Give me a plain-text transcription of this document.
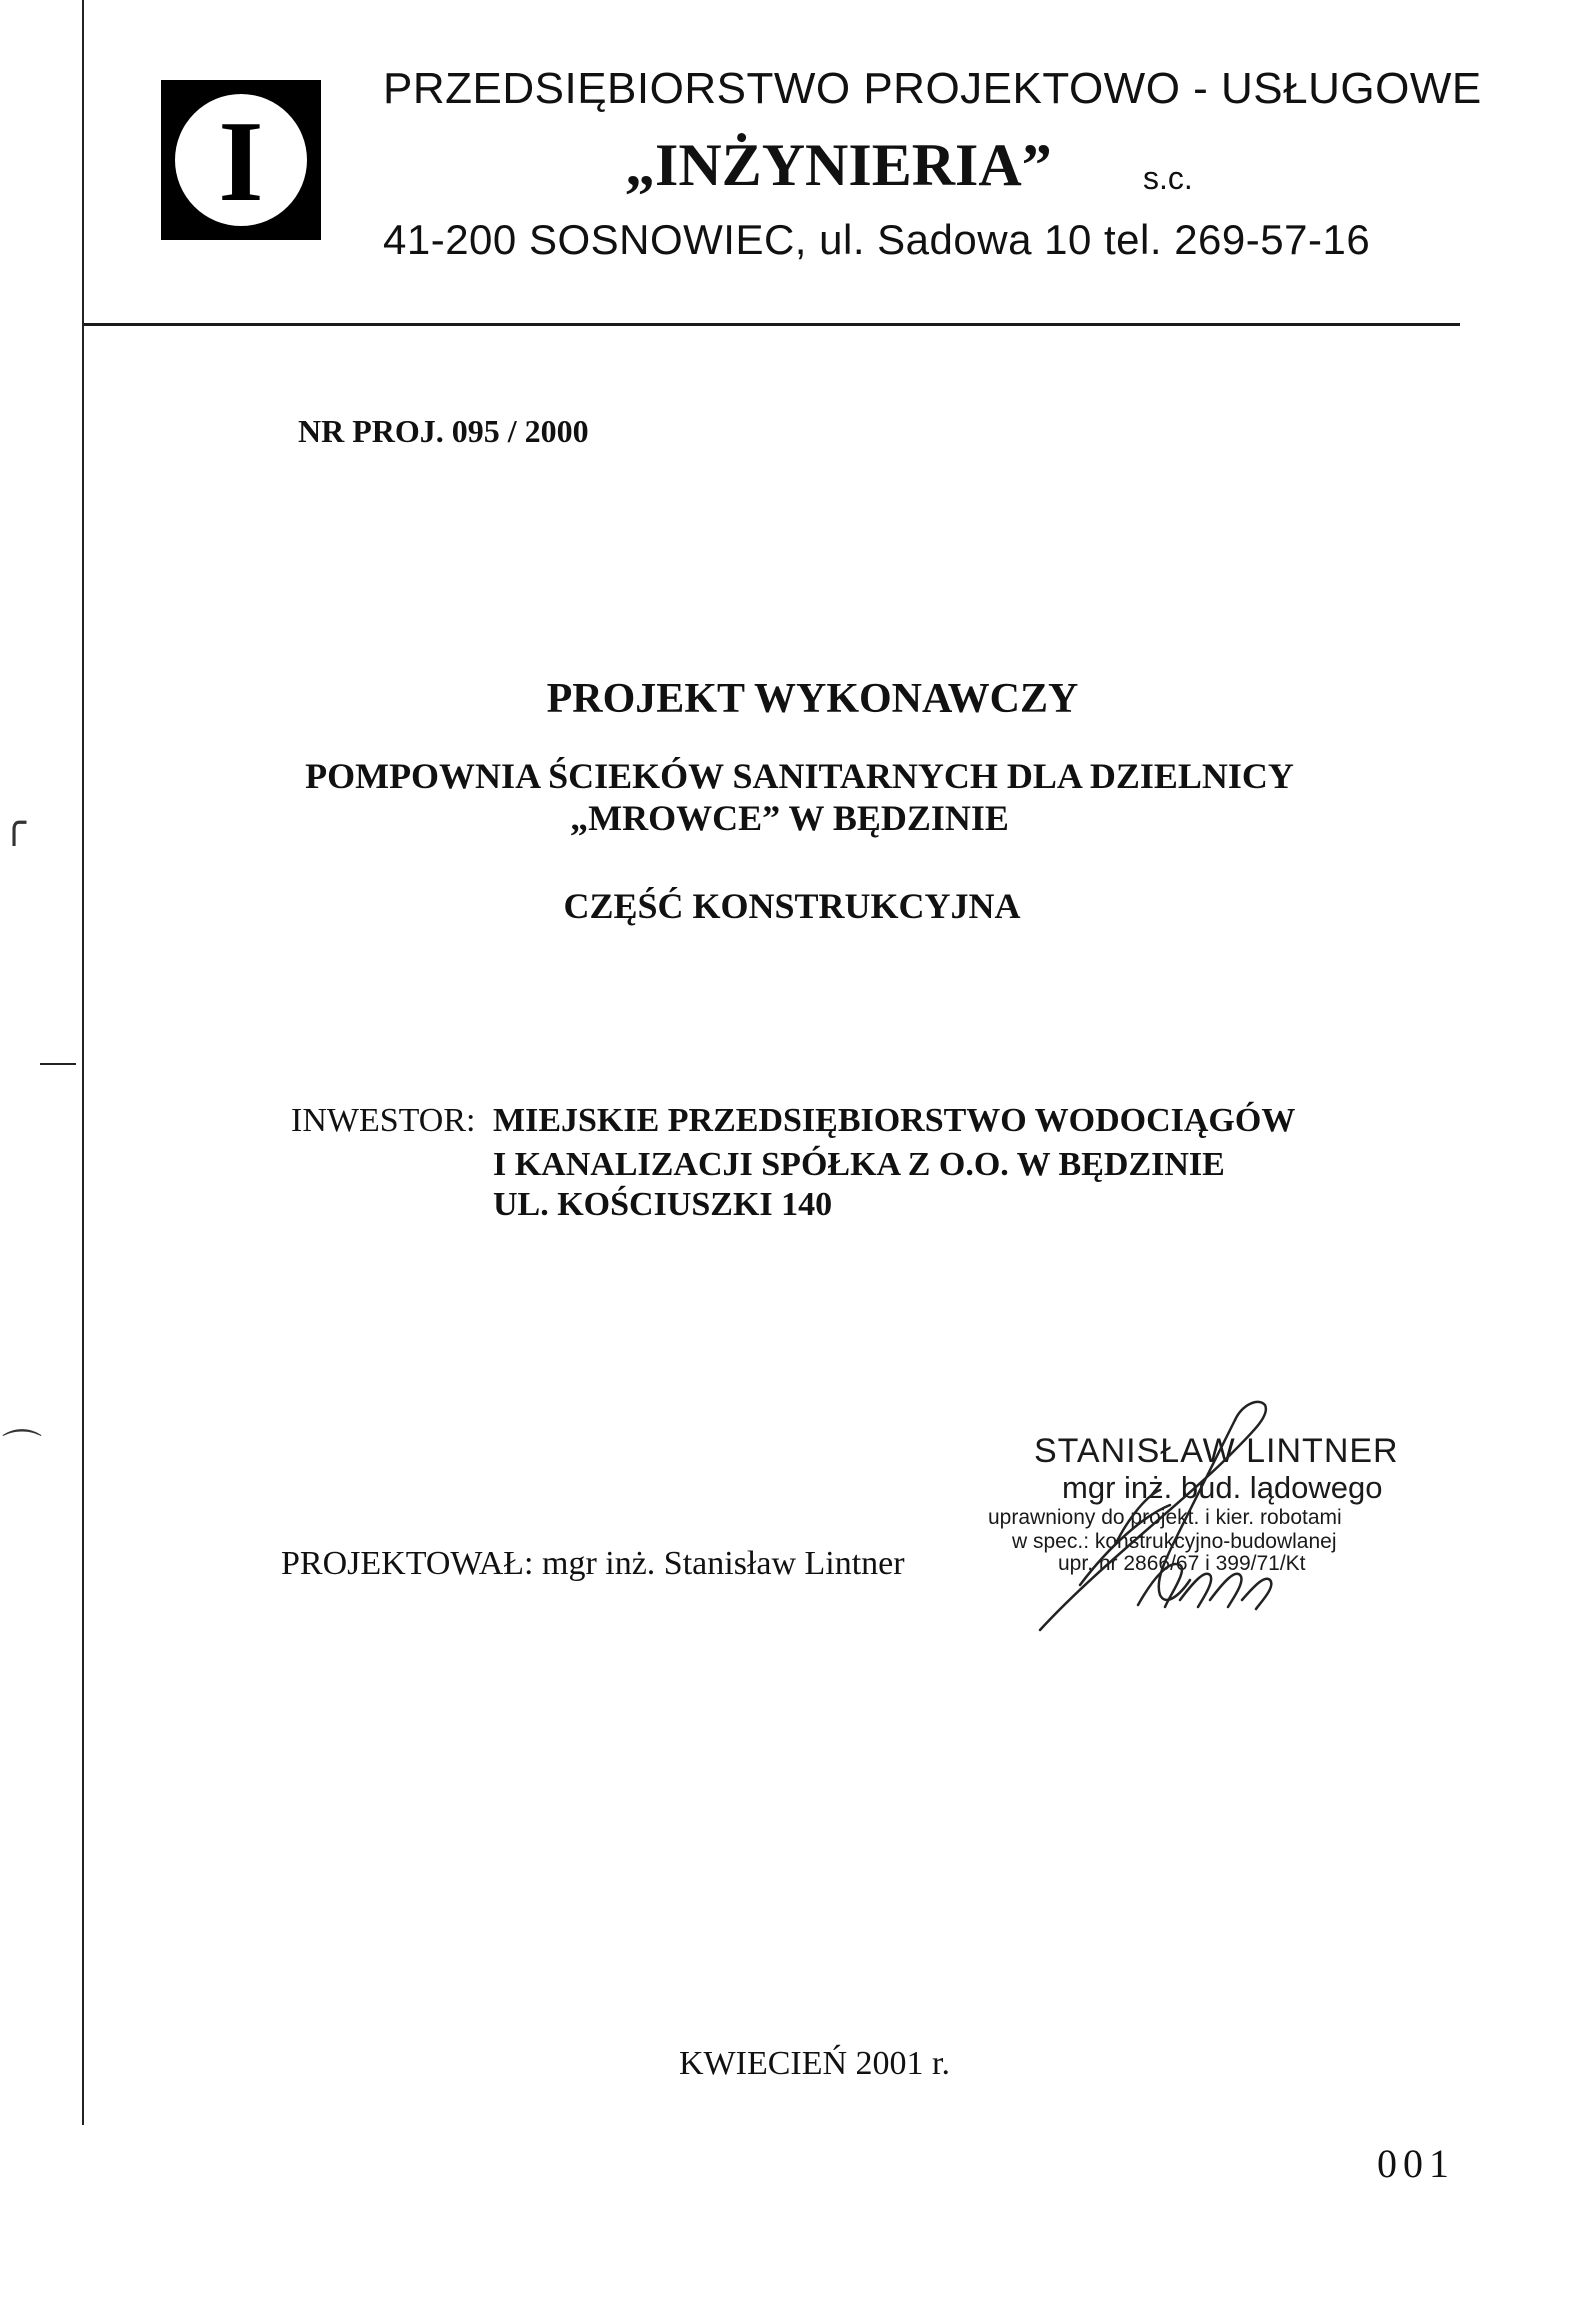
╭
⌒
I
PRZEDSIĘBIORSTWO PROJEKTOWO - USŁUGOWE
„INŻYNIERIA”	s.c.
41-200 SOSNOWIEC, ul. Sadowa 10 tel. 269-57-16
NR PROJ. 095 / 2000
PROJEKT WYKONAWCZY
POMPOWNIA ŚCIEKÓW SANITARNYCH DLA DZIELNICY
„MROWCE” W BĘDZINIE
CZĘŚĆ KONSTRUKCYJNA
INWESTOR: MIEJSKIE PRZEDSIĘBIORSTWO WODOCIĄGÓW
I KANALIZACJI SPÓŁKA Z O.O. W BĘDZINIE
UL. KOŚCIUSZKI 140
PROJEKTOWAŁ: mgr inż. Stanisław Lintner
STANISŁAW LINTNER
mgr inż. bud. lądowego
uprawniony do projekt. i kier. robotami
w spec.: konstrukcyjno-budowlanej
upr. nr 2866/67 i 399/71/Kt
KWIECIEŃ 2001 r.
001
